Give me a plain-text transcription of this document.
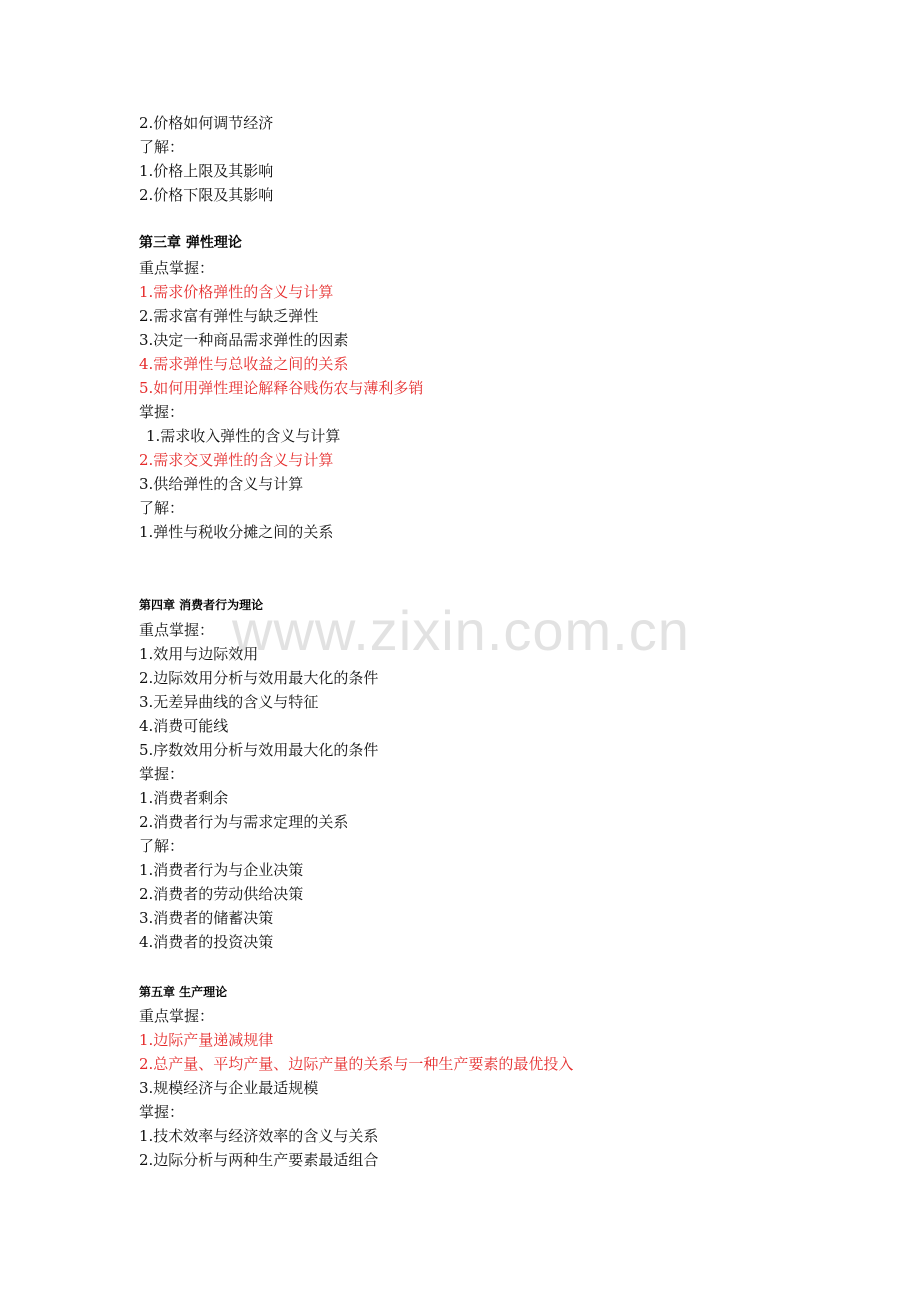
2.价格如何调节经济
了解：
1.价格上限及其影响
2.价格下限及其影响
第三章 弹性理论
重点掌握：
1.需求价格弹性的含义与计算
2.需求富有弹性与缺乏弹性
3.决定一种商品需求弹性的因素
4.需求弹性与总收益之间的关系
5.如何用弹性理论解释谷贱伤农与薄利多销
掌握：
1.需求收入弹性的含义与计算
2.需求交叉弹性的含义与计算
3.供给弹性的含义与计算
了解：
1.弹性与税收分摊之间的关系
第四章 消费者行为理论
重点掌握：
1.效用与边际效用
2.边际效用分析与效用最大化的条件
3.无差异曲线的含义与特征
4.消费可能线
5.序数效用分析与效用最大化的条件
掌握：
1.消费者剩余
2.消费者行为与需求定理的关系
了解：
1.消费者行为与企业决策
2.消费者的劳动供给决策
3.消费者的储蓄决策
4.消费者的投资决策
第五章 生产理论
重点掌握：
1.边际产量递减规律
2.总产量、平均产量、边际产量的关系与一种生产要素的最优投入
3.规模经济与企业最适规模
掌握：
1.技术效率与经济效率的含义与关系
2.边际分析与两种生产要素最适组合
www.zixin.com.cn
